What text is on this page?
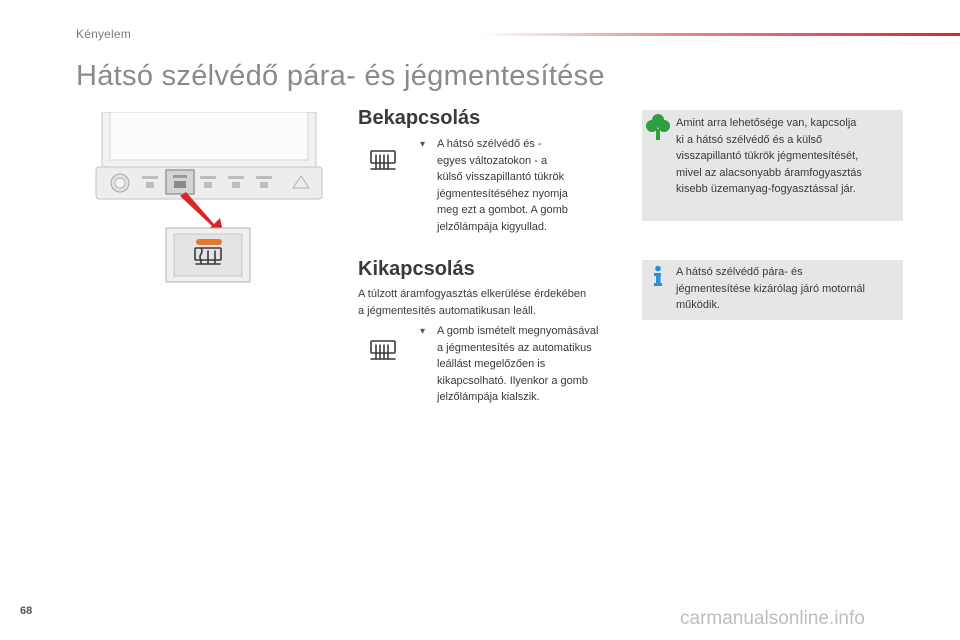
Kényelem
Hátsó szélvédő pára- és jégmentesítése
Bekapcsolás
▾ A hátsó szélvédő és -
egyes változatokon - a
külső visszapillantó tükrök
jégmentesítéséhez nyomja
meg ezt a gombot. A gomb
jelzőlámpája kigyullad.
Kikapcsolás
A túlzott áramfogyasztás elkerülése érdekében
a jégmentesítés automatikusan leáll.
▾ A gomb ismételt megnyomásával
a jégmentesítés az automatikus
leállást megelőzően is
kikapcsolható. Ilyenkor a gomb
jelzőlámpája kialszik.
Amint arra lehetősége van, kapcsolja
ki a hátsó szélvédő és a külső
visszapillantó tükrök jégmentesítését,
mivel az alacsonyabb áramfogyasztás
kisebb üzemanyag-fogyasztással jár.
A hátsó szélvédő pára- és
jégmentesítése kizárólag járó motornál
működik.
68	carmanualsonline.info
